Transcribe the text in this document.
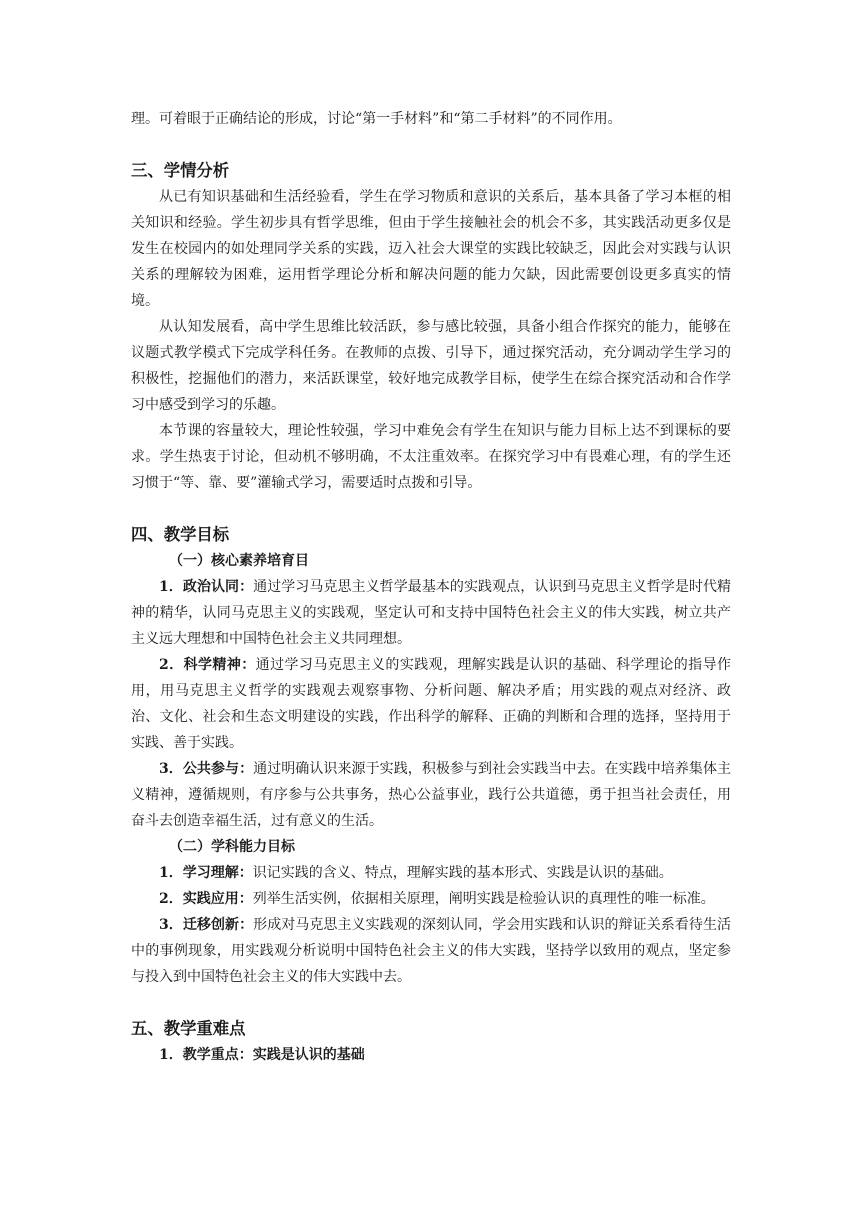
理。可着眼于正确结论的形成，讨论“第一手材料”和“第二手材料”的不同作用。

三、学情分析

从已有知识基础和生活经验看，学生在学习物质和意识的关系后，基本具备了学习本框的相关知识和经验。学生初步具有哲学思维，但由于学生接触社会的机会不多，其实践活动更多仅是发生在校园内的如处理同学关系的实践，迈入社会大课堂的实践比较缺乏，因此会对实践与认识关系的理解较为困难，运用哲学理论分析和解决问题的能力欠缺，因此需要创设更多真实的情境。

从认知发展看，高中学生思维比较活跃，参与感比较强，具备小组合作探究的能力，能够在议题式教学模式下完成学科任务。在教师的点拨、引导下，通过探究活动，充分调动学生学习的积极性，挖掘他们的潜力，来活跃课堂，较好地完成教学目标，使学生在综合探究活动和合作学习中感受到学习的乐趣。

本节课的容量较大，理论性较强，学习中难免会有学生在知识与能力目标上达不到课标的要求。学生热衷于讨论，但动机不够明确，不太注重效率。在探究学习中有畏难心理，有的学生还习惯于“等、靠、要”灌输式学习，需要适时点拨和引导。

四、教学目标
（一）核心素养培育目

1．政治认同：通过学习马克思主义哲学最基本的实践观点，认识到马克思主义哲学是时代精神的精华，认同马克思主义的实践观，坚定认可和支持中国特色社会主义的伟大实践，树立共产主义远大理想和中国特色社会主义共同理想。

2．科学精神：通过学习马克思主义的实践观，理解实践是认识的基础、科学理论的指导作用，用马克思主义哲学的实践观去观察事物、分析问题、解决矛盾；用实践的观点对经济、政治、文化、社会和生态文明建设的实践，作出科学的解释、正确的判断和合理的选择，坚持用于实践、善于实践。

3．公共参与：通过明确认识来源于实践，积极参与到社会实践当中去。在实践中培养集体主义精神，遵循规则，有序参与公共事务，热心公益事业，践行公共道德，勇于担当社会责任，用奋斗去创造幸福生活，过有意义的生活。

（二）学科能力目标

1．学习理解：识记实践的含义、特点，理解实践的基本形式、实践是认识的基础。

2．实践应用：列举生活实例，依据相关原理，阐明实践是检验认识的真理性的唯一标准。

3．迁移创新：形成对马克思主义实践观的深刻认同，学会用实践和认识的辩证关系看待生活中的事例现象，用实践观分析说明中国特色社会主义的伟大实践，坚持学以致用的观点，坚定参与投入到中国特色社会主义的伟大实践中去。

五、教学重难点

1．教学重点：实践是认识的基础
